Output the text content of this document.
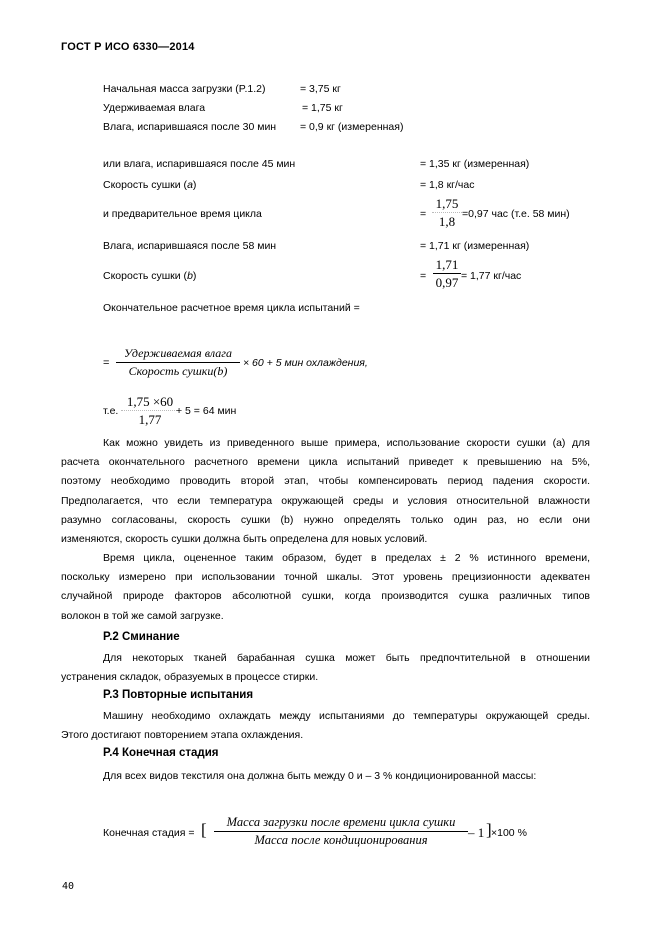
ГОСТ Р ИСО 6330—2014
Начальная масса загрузки (P.1.2)	= 3,75 кг
Удерживаемая влага	= 1,75 кг
Влага, испарившаяся после 30 мин = 0,9 кг (измеренная)
или влага, испарившаяся после 45 мин	= 1,35 кг (измеренная)
Скорость сушки (a)	= 1,8 кг/час
и предварительное время цикла	=
1,75
1,8 =0,97 час (т.е. 58 мин)
Влага, испарившаяся после 58 мин	= 1,71 кг (измеренная)
Скорость сушки (b)	=
1,71
0,97 = 1,77 кг/час
Окончательное расчетное время цикла испытаний =
=
Удерживаемая влага
Скорость сушки(b)
× 60 + 5 мин охлаждения,
т.е.
1,75 ×60
1,77
+ 5 = 64 мин
Как можно увидеть из приведенного выше примера, использование скорости сушки (a) для
расчета окончательного расчетного времени цикла испытаний приведет к превышению на 5%,
поэтому необходимо проводить второй этап, чтобы компенсировать период падения скорости.
Предполагается, что если температура окружающей среды и условия относительной влажности
разумно согласованы, скорость сушки (b) нужно определять только один раз, но если они
изменяются, скорость сушки должна быть определена для новых условий.
Время цикла, оцененное таким образом, будет в пределах ± 2 % истинного времени,
поскольку измерено при использовании точной шкалы. Этот уровень прецизионности адекватен
случайной природе факторов абсолютной сушки, когда производится сушка различных типов
волокон в той же самой загрузке.
P.2 Сминание
Для некоторых тканей барабанная сушка может быть предпочтительной в отношении
устранения складок, образуемых в процессе стирки.
P.3 Повторные испытания
Машину необходимо охлаждать между испытаниями до температуры окружающей среды.
Этого достигают повторением этапа охлаждения.
P.4 Конечная стадия
Для всех видов текстиля она должна быть между 0 и – 3 % кондиционированной массы:
Конечная стадия = [	Масса загрузки после времени цикла сушки
Масса после кондиционирования	– 1 ] ×100 %
40
